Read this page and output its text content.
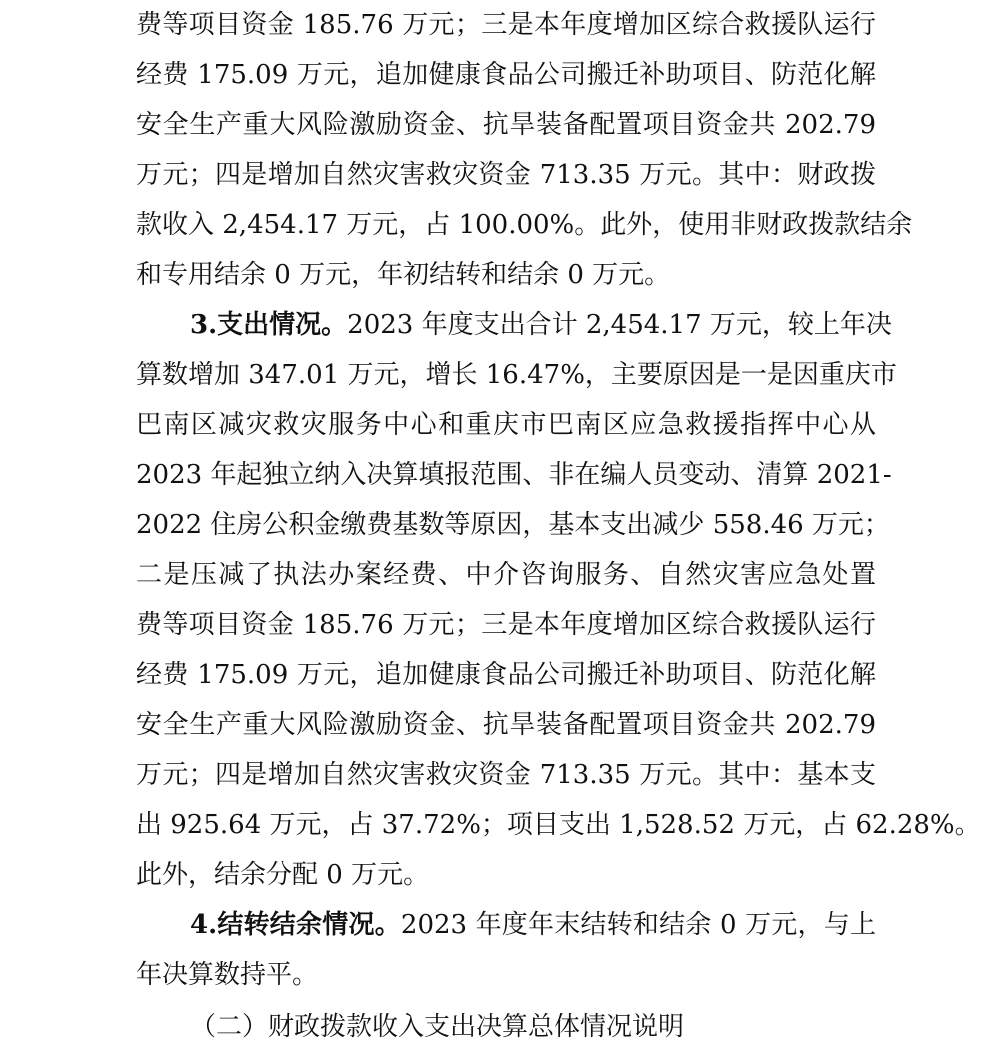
费等项目资金 185.76 万元；三是本年度增加区综合救援队运行
经费 175.09 万元，追加健康食品公司搬迁补助项目、防范化解
安全生产重大风险激励资金、抗旱装备配置项目资金共 202.79
万元；四是增加自然灾害救灾资金 713.35 万元。其中：财政拨
款收入 2,454.17 万元，占 100.00%。此外，使用非财政拨款结余
和专用结余 0 万元，年初结转和结余 0 万元。
3.支出情况。2023 年度支出合计 2,454.17 万元，较上年决
算数增加 347.01 万元，增长 16.47%，主要原因是一是因重庆市
巴南区减灾救灾服务中心和重庆市巴南区应急救援指挥中心从
2023 年起独立纳入决算填报范围、非在编人员变动、清算 2021-
2022 住房公积金缴费基数等原因，基本支出减少 558.46 万元；
二是压减了执法办案经费、中介咨询服务、自然灾害应急处置
费等项目资金 185.76 万元；三是本年度增加区综合救援队运行
经费 175.09 万元，追加健康食品公司搬迁补助项目、防范化解
安全生产重大风险激励资金、抗旱装备配置项目资金共 202.79
万元；四是增加自然灾害救灾资金 713.35 万元。其中：基本支
出 925.64 万元，占 37.72%；项目支出 1,528.52 万元，占 62.28%。
此外，结余分配 0 万元。
4.结转结余情况。2023 年度年末结转和结余 0 万元，与上
年决算数持平。
（二）财政拨款收入支出决算总体情况说明
